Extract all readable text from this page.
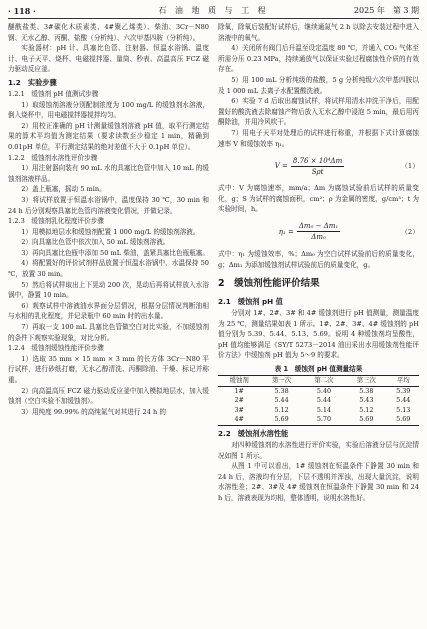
· 118 ·	石 油 地 质 与 工 程	2025 年　第 3 期

醚酰盐类、3#碳化木质素类、4#聚乙烯类）、柴油、3Cr－N80 钢、无水乙醇、丙酮、盐酸（分析纯）、六次甲基四胺（分析纯）。

实验器材：pH 计、具塞比色管、注射器、恒温水浴锅、温度计、电子天平、烧杯、电磁搅拌器、量筒、秒表、高温高压 FCZ 磁力驱动反应釜。

1.2　实验步骤
1.2.1　缓蚀剂 pH 值测试步骤

1）取缓蚀剂溶液分别配制浓度为 100 mg/L 的缓蚀剂水溶液，倒入烧杯中，用电磁搅拌器搅拌均匀。

2）用校正准确的 pH 计测量缓蚀剂溶液 pH 值，取平行测定结果的算术平均值为测定结果（要求读数至少稳定 1 min，精确到 0.01pH 单位，平行测定结果的绝对差值不大于 0.1pH 单位）。

1.2.2　缓蚀剂水溶性评价步骤

1）用注射器向装有 90 mL 水的具塞比色管中加入 10 mL 的缓蚀剂溶液样品。

2）盖上瓶塞，摇动 5 min。

3）将试样放置于恒温水浴锅中，温度保持 30 ℃，30 min 和 24 h 后分别观察具塞比色管内溶液变化情况，并做记录。

1.2.3　缓蚀剂乳化程度评价步骤

1）用模拟地层水和缓蚀剂配置 1 000 mg/L 的缓蚀剂溶液。

2）向具塞比色管中依次加入 50 mL 缓蚀剂溶液。

3）再向具塞比色瓶中添加 50 mL 柴油，盖紧具塞比色瓶瓶塞。

4）将配置好的评价试剂样品放置于恒温水浴锅中，水温保持 50 ℃，放置 30 min。

5）然后将试样取出上下晃动 200 次，晃动后再将试样放入水浴锅中，静置 10 min。

6）观察试样中溶液油水界面分层情况，根据分层情况判断油相与水相的乳化程度，并记录瓶中 60 min 时的出水量。

7）再取一支 100 mL 具塞比色管做空白对比实验，不加缓蚀剂的条件下观察实验现象，对比分析。

1.2.4　缓蚀剂缓蚀性能评价步骤

1）选取 35 mm × 15 mm × 3 mm 的长方体 3Cr－N80 平行试样，进行砂纸打磨，无水乙醇清洗、丙酮除油、干燥、标记并称重。

2）向高温高压 FCZ 磁力驱动反应釜中加入模拟地层水，加入缓蚀剂（空白实验不加缓蚀剂）。

3）用纯度 99.99% 的高纯氮气对其进行 24 h 的

除氧，除氧后装配好试样后，继续通氮气 2 h 以除去安装过程中进入溶液中的氧气。

4）关闭所有阀门后升温至设定温度 80 ℃，并通入 CO₂ 气体至所需分压 0.23 MPa，持续通放气以保证实验过程腐蚀性介质的有效存在。

5）用 100 mL 分析纯级的盐酸，5 g 分析纯级六次甲基四胺以及 1 000 mL 去离子水配置酸洗液。

6）实验 7 d 后取出腐蚀试样，将试样用清水冲洗干净后，用配置好的酸洗液去除腐蚀产物后放入无水乙醇中浸泡 5 min，最后用丙酮除油，并用冷风吹干。

7）用电子天平对处理后的试样进行称重，并根据下式计算腐蚀速率 V 和缓蚀效率 η₁。

$V = \frac{\text{8.76 × 10⁴Δm}}{\text{Sρt}}$	（1）

式中：V 为腐蚀速率，mm/a；Δm 为腐蚀试验前后试样的质量变化，g；S 为试样的腐蚀面积，cm²；ρ 为金属的密度，g/cm³；t 为实验时间，h。

$\eta_1 = \frac{\text{Δm₀ − Δm₁}}{\text{Δm₀}}$	（2）

式中：η₁ 为缓蚀效率，%；Δm₀ 为空白试样试验前后的质量变化，g；Δm₁ 为添加缓蚀剂试样试验前后的质量变化，g。

2　缓蚀剂性能评价结果
2.1　缓蚀剂 pH 值

分别对 1#、2#、3# 和 4# 缓蚀剂进行 pH 值测量，测量温度为 25 ℃，测量结果如表 1 所示。1#、2#、3#、4# 缓蚀剂的 pH 值分别为 5.39、5.44、5.13、5.69。说明 4 种缓蚀剂均呈酸性，pH 值均能够满足《SY/T 5273－2014 油田采出水用缓蚀剂性能评价方法》中缓蚀剂 pH 值为 5～9 的要求。

表 1　缓蚀剂 pH 值测量结果
缓蚀剂	第一次	第二次	第三次	平均
1#	5.38	5.40	5.38	5.39
2#	5.44	5.44	5.43	5.44
3#	5.12	5.14	5.12	5.13
4#	5.69	5.70	5.69	5.69
2.2　缓蚀剂水溶性能

对四种缓蚀剂的水溶性进行评价实验，实验后溶液分层与沉淀情况如图 1 所示。

从图 1 中可以看出，1# 缓蚀剂在恒温条件下静置 30 min 和 24 h 后，溶液均有分层，下层不透明并浑浊，出现大量沉淀，说明水溶性差；2#、3#及 4# 缓蚀剂在恒温条件下静置 30 min 和 24 h 后，溶液表现为均相，整体透明，说明水溶性好。
